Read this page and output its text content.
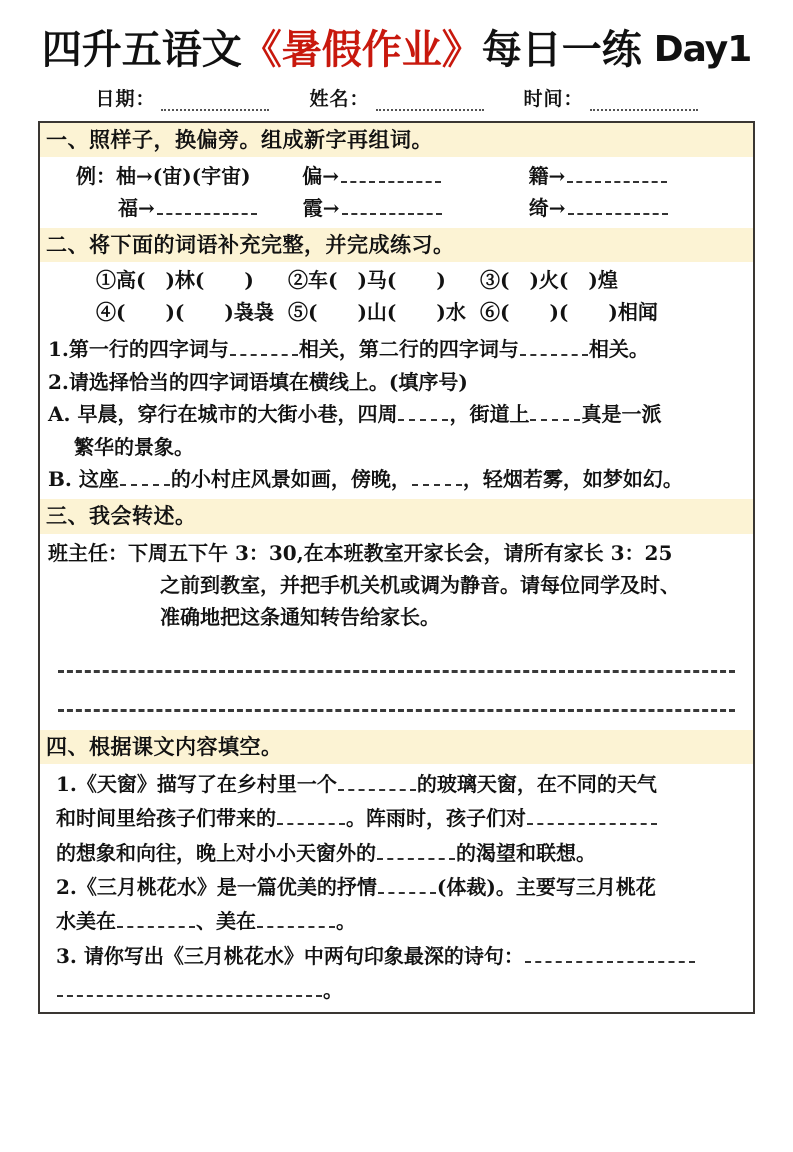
四升五语文《暑假作业》每日一练 Day1
日期：	姓名：	时间：
一、照样子，换偏旁。组成新字再组词。
例：柚→(宙)(宇宙)	偏→	籍→
福→	霞→	绮→
二、将下面的词语补充完整，并完成练习。
①高(　)林(　　)	②车(　)马(　　)	③(　)火(　)煌
④(　　)(　　)袅袅 ⑤(　　)山(　　)水 ⑥(　　)(　　)相闻
1.第一行的四字词与	相关，第二行的四字词与	相关。
2.请选择恰当的四字词语填在横线上。(填序号)
A. 早晨，穿行在城市的大街小巷，四周	，街道上	真是一派
繁华的景象。
B. 这座	的小村庄风景如画，傍晚，	，轻烟若雾，如梦如幻。
三、我会转述。
班主任：下周五下午 3：30,在本班教室开家长会，请所有家长 3：25
之前到教室，并把手机关机或调为静音。请每位同学及时、
准确地把这条通知转告给家长。
四、根据课文内容填空。
1.《天窗》描写了在乡村里一个	的玻璃天窗，在不同的天气
和时间里给孩子们带来的	。阵雨时，孩子们对
的想象和向往，晚上对小小天窗外的	的渴望和联想。
2.《三月桃花水》是一篇优美的抒情	(体裁)。主要写三月桃花
水美在	、美在	。
3. 请你写出《三月桃花水》中两句印象最深的诗句：
。
